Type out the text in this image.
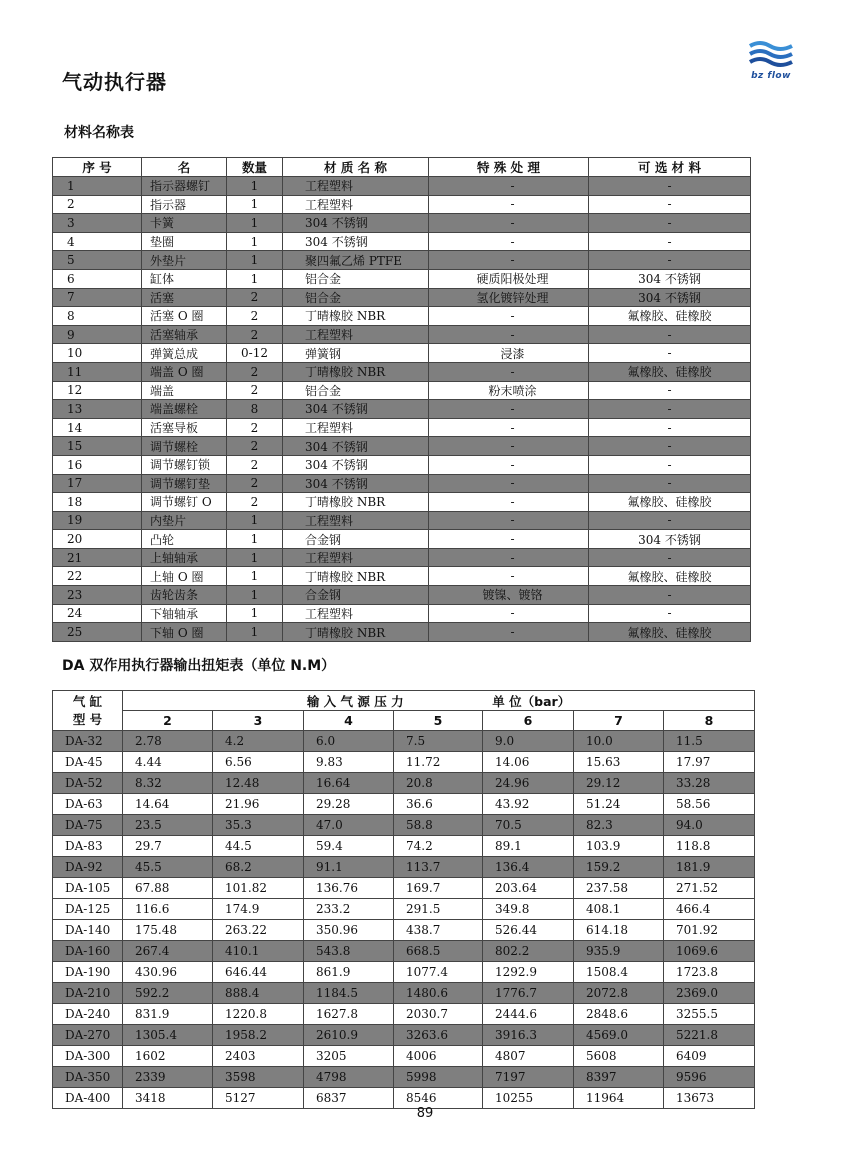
气动执行器	bz flow
材料名称表
序 号	名	数量	材 质 名 称	特 殊 处 理	可 选 材 料
1	指示器螺钉	1	工程塑料	-	-
2	指示器	1	工程塑料	-	-
3	卡簧	1	304 不锈钢	-	-
4	垫圈	1	304 不锈钢	-	-
5	外垫片	1	聚四氟乙烯 PTFE	-	-
6	缸体	1	铝合金	硬质阳极处理	304 不锈钢
7	活塞	2	铝合金	氢化镀锌处理	304 不锈钢
8	活塞 O 圈	2	丁晴橡胶 NBR	-	氟橡胶、硅橡胶
9	活塞轴承	2	工程塑料	-	-
10	弹簧总成	0-12	弹簧钢	浸漆	-
11	端盖 O 圈	2	丁晴橡胶 NBR	-	氟橡胶、硅橡胶
12	端盖	2	铝合金	粉末喷涂	-
13	端盖螺栓	8	304 不锈钢	-	-
14	活塞导板	2	工程塑料	-	-
15	调节螺栓	2	304 不锈钢	-	-
16	调节螺钉锁	2	304 不锈钢	-	-
17	调节螺钉垫	2	304 不锈钢	-	-
18	调节螺钉 O	2	丁晴橡胶 NBR	-	氟橡胶、硅橡胶
19	内垫片	1	工程塑料	-	-
20	凸轮	1	合金钢	-	304 不锈钢
21	上轴轴承	1	工程塑料	-	-
22	上轴 O 圈	1	丁晴橡胶 NBR	-	氟橡胶、硅橡胶
23	齿轮齿条	1	合金钢	镀镍、镀铬	-
24	下轴轴承	1	工程塑料	-	-
25	下轴 O 圈	1	丁晴橡胶 NBR	-	氟橡胶、硅橡胶
DA 双作用执行器输出扭矩表（单位 N.M）
气 缸
型 号	输 入 气 源 压 力 单 位（bar）						
	2	3	4	5	6	7	8
DA-32	2.78	4.2	6.0	7.5	9.0	10.0	11.5
DA-45	4.44	6.56	9.83	11.72	14.06	15.63	17.97
DA-52	8.32	12.48	16.64	20.8	24.96	29.12	33.28
DA-63	14.64	21.96	29.28	36.6	43.92	51.24	58.56
DA-75	23.5	35.3	47.0	58.8	70.5	82.3	94.0
DA-83	29.7	44.5	59.4	74.2	89.1	103.9	118.8
DA-92	45.5	68.2	91.1	113.7	136.4	159.2	181.9
DA-105	67.88	101.82	136.76	169.7	203.64	237.58	271.52
DA-125	116.6	174.9	233.2	291.5	349.8	408.1	466.4
DA-140	175.48	263.22	350.96	438.7	526.44	614.18	701.92
DA-160	267.4	410.1	543.8	668.5	802.2	935.9	1069.6
DA-190	430.96	646.44	861.9	1077.4	1292.9	1508.4	1723.8
DA-210	592.2	888.4	1184.5	1480.6	1776.7	2072.8	2369.0
DA-240	831.9	1220.8	1627.8	2030.7	2444.6	2848.6	3255.5
DA-270	1305.4	1958.2	2610.9	3263.6	3916.3	4569.0	5221.8
DA-300	1602	2403	3205	4006	4807	5608	6409
DA-350	2339	3598	4798	5998	7197	8397	9596
DA-400	3418	5127	6837	8546	10255	11964	13673
89
